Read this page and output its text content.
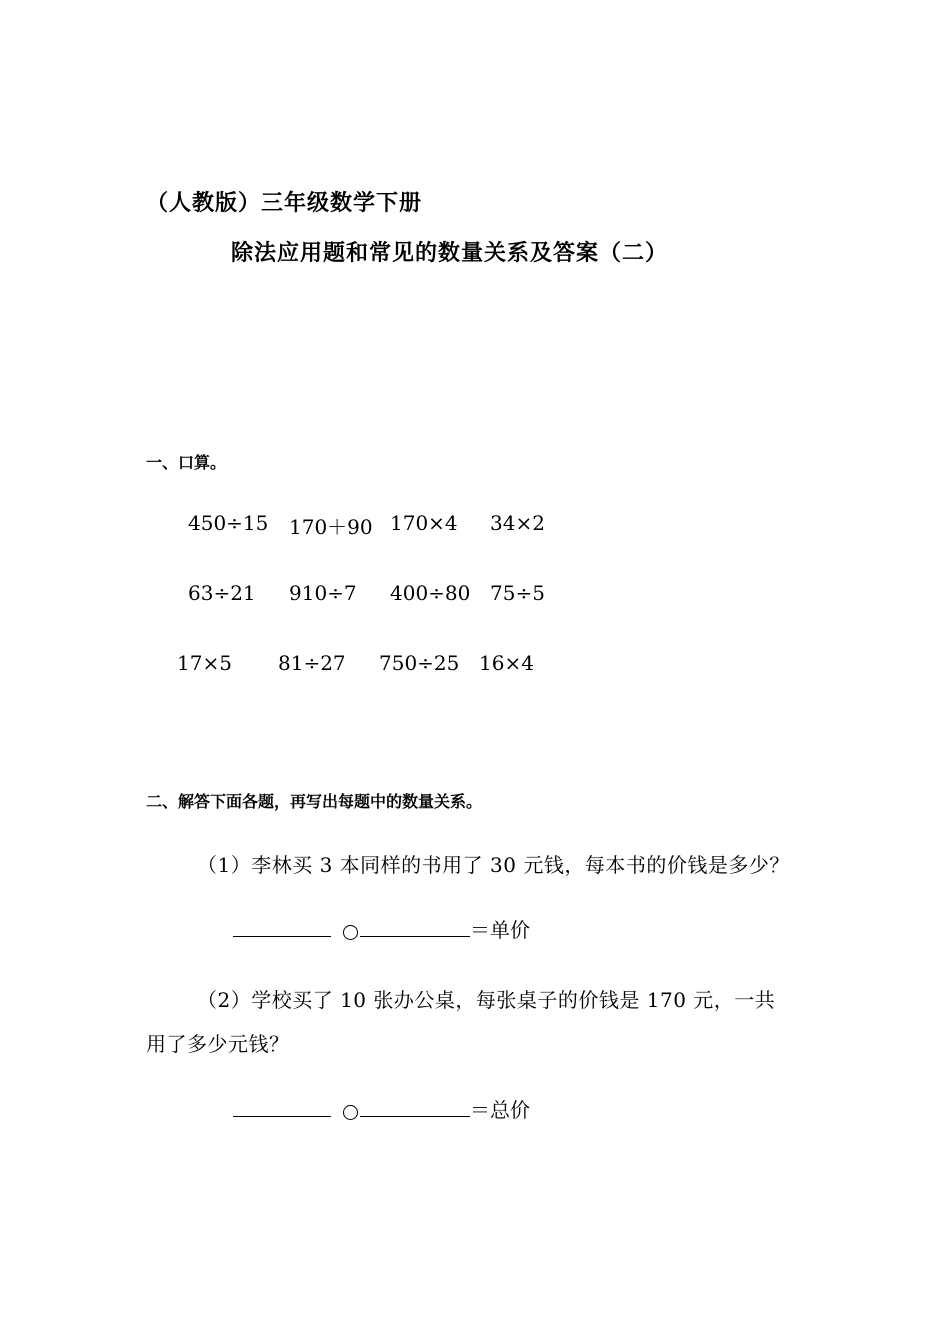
（人教版）三年级数学下册
除法应用题和常见的数量关系及答案（二）
一、口算。
450÷15 170＋90 170×4 34×2
63÷21 910÷7 400÷80 75÷5
17×5 81÷27 750÷25 16×4
二、解答下面各题，再写出每题中的数量关系。
（1）李林买 3 本同样的书用了 30 元钱，每本书的价钱是多少？
＝单价
（2）学校买了 10 张办公桌，每张桌子的价钱是 170 元，一共
用了多少元钱？
＝总价
